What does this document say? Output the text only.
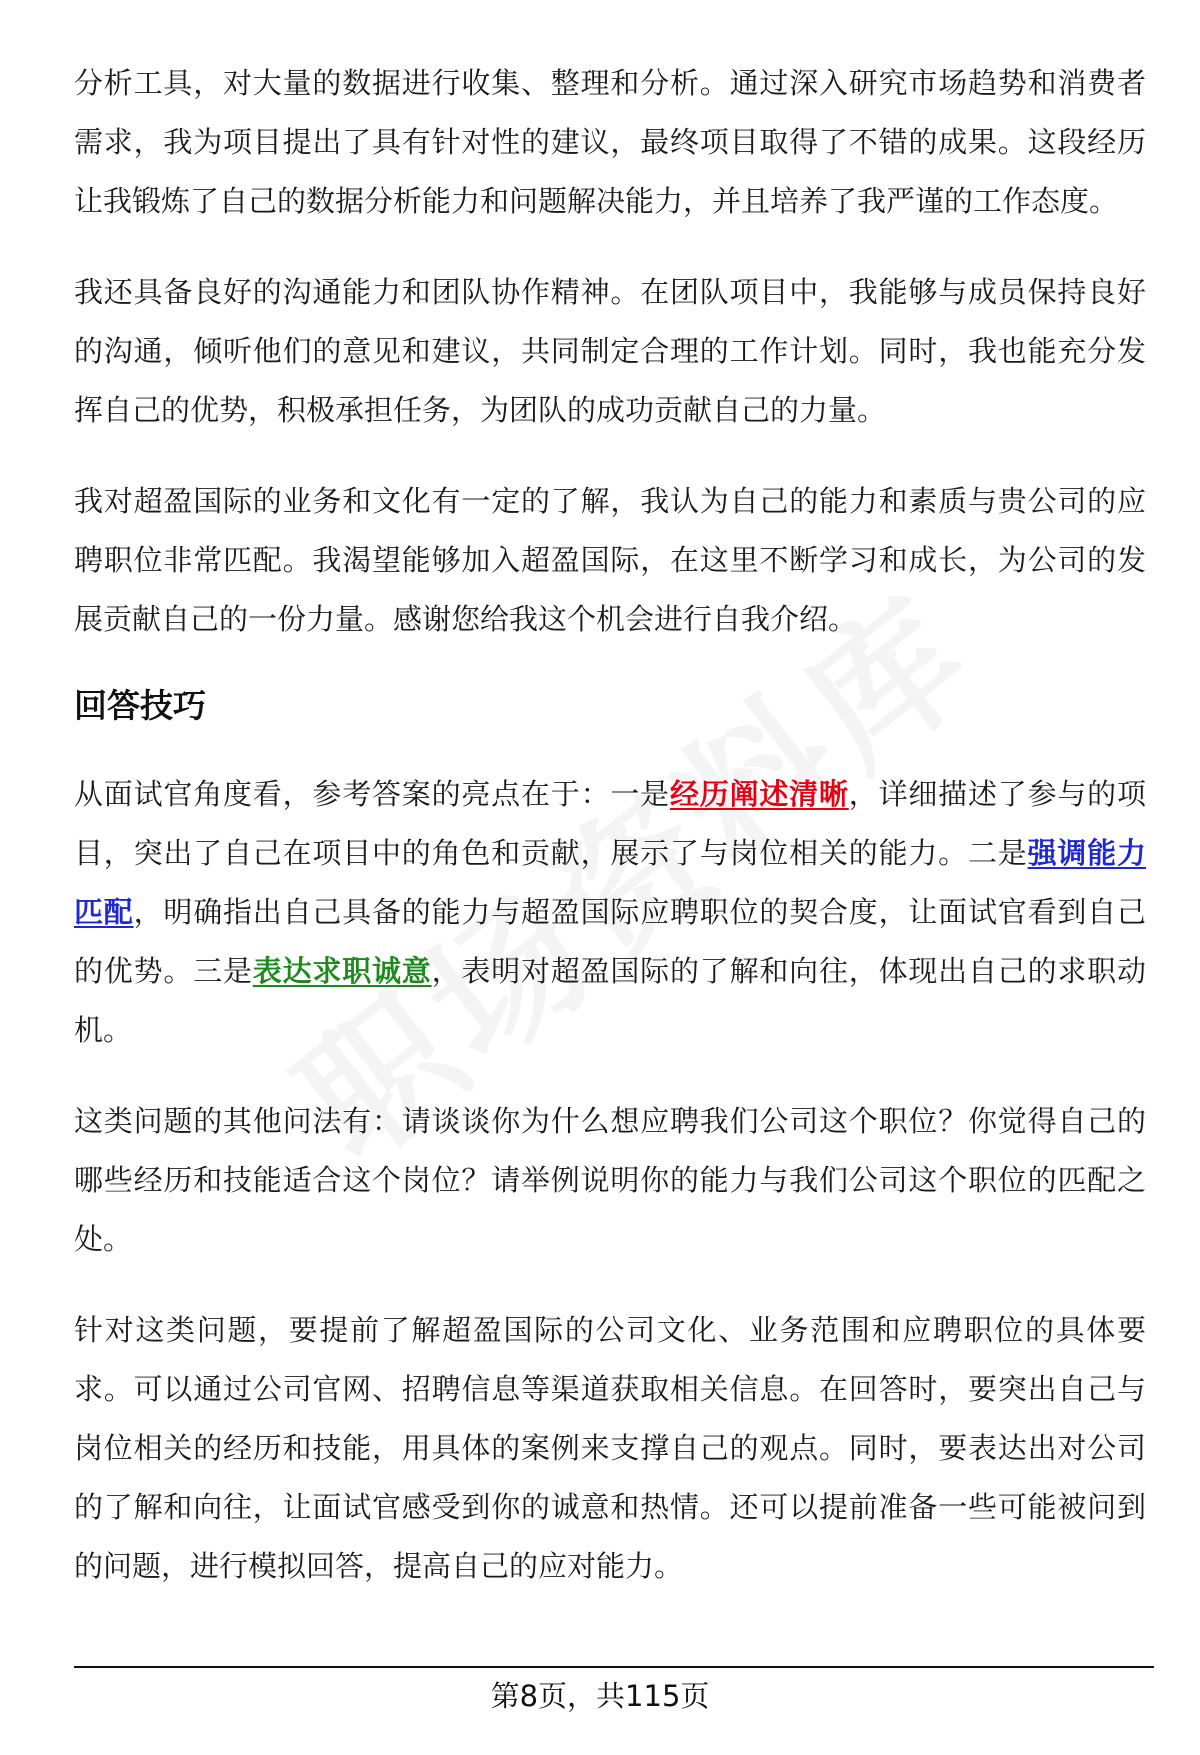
分析工具，对大量的数据进行收集、整理和分析。通过深入研究市场趋势和消费者需求，我为项目提出了具有针对性的建议，最终项目取得了不错的成果。这段经历让我锻炼了自己的数据分析能力和问题解决能力，并且培养了我严谨的工作态度。

我还具备良好的沟通能力和团队协作精神。在团队项目中，我能够与成员保持良好的沟通，倾听他们的意见和建议，共同制定合理的工作计划。同时，我也能充分发挥自己的优势，积极承担任务，为团队的成功贡献自己的力量。

我对超盈国际的业务和文化有一定的了解，我认为自己的能力和素质与贵公司的应聘职位非常匹配。我渴望能够加入超盈国际，在这里不断学习和成长，为公司的发展贡献自己的一份力量。感谢您给我这个机会进行自我介绍。

回答技巧

从面试官角度看，参考答案的亮点在于：一是经历阐述清晰，详细描述了参与的项目，突出了自己在项目中的角色和贡献，展示了与岗位相关的能力。二是强调能力匹配，明确指出自己具备的能力与超盈国际应聘职位的契合度，让面试官看到自己的优势。三是表达求职诚意，表明对超盈国际的了解和向往，体现出自己的求职动机。

这类问题的其他问法有：请谈谈你为什么想应聘我们公司这个职位？你觉得自己的哪些经历和技能适合这个岗位？请举例说明你的能力与我们公司这个职位的匹配之处。

针对这类问题，要提前了解超盈国际的公司文化、业务范围和应聘职位的具体要求。可以通过公司官网、招聘信息等渠道获取相关信息。在回答时，要突出自己与岗位相关的经历和技能，用具体的案例来支撑自己的观点。同时，要表达出对公司的了解和向往，让面试官感受到你的诚意和热情。还可以提前准备一些可能被问到的问题，进行模拟回答，提高自己的应对能力。

第8页，共115页
